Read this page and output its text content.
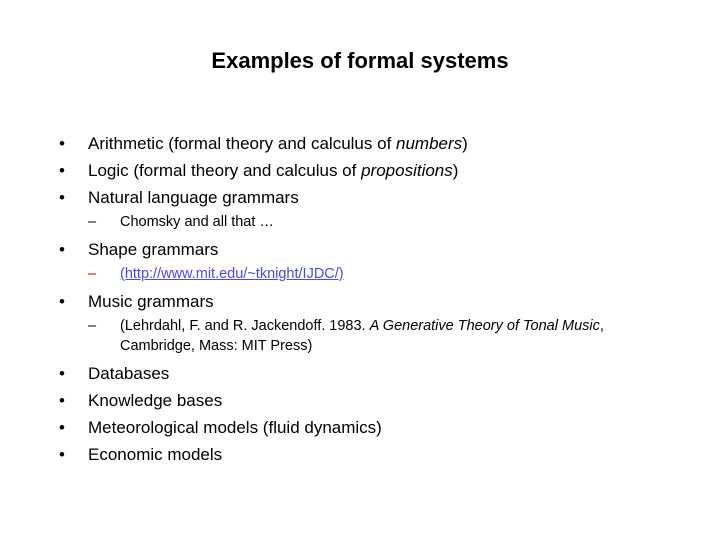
Examples of formal systems
• Arithmetic (formal theory and calculus of numbers)
• Logic (formal theory and calculus of propositions)
• Natural language grammars
– Chomsky and all that …
• Shape grammars
– (http://www.mit.edu/~tknight/IJDC/)
• Music grammars
– (Lehrdahl, F. and R. Jackendoff. 1983. A Generative Theory of Tonal Music, Cambridge, Mass: MIT Press)
• Databases
• Knowledge bases
• Meteorological models (fluid dynamics)
• Economic models
